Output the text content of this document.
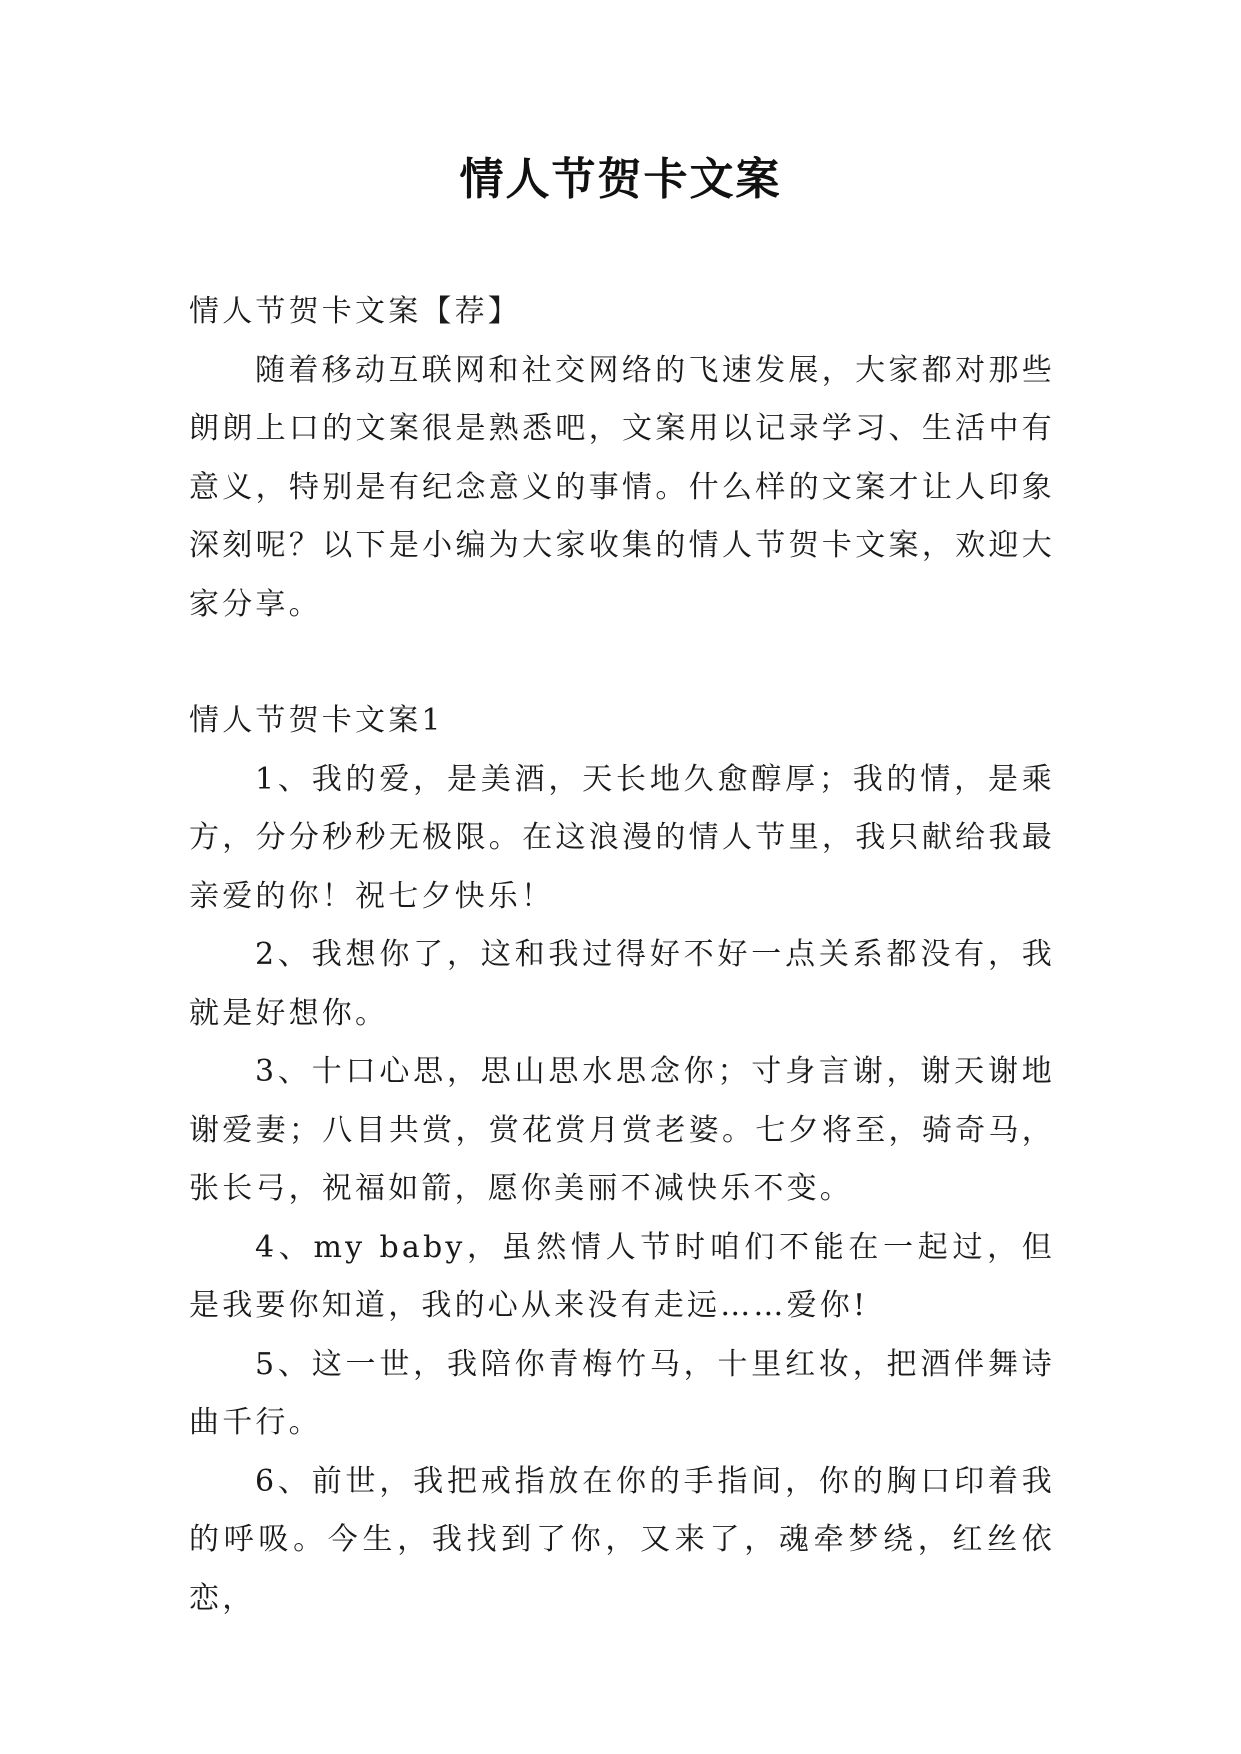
情人节贺卡文案

情人节贺卡文案【荐】

随着移动互联网和社交网络的飞速发展，大家都对那些朗朗上口的文案很是熟悉吧，文案用以记录学习、生活中有意义，特别是有纪念意义的事情。什么样的文案才让人印象深刻呢？以下是小编为大家收集的情人节贺卡文案，欢迎大家分享。

情人节贺卡文案1

1、我的爱，是美酒，天长地久愈醇厚；我的情，是乘方，分分秒秒无极限。在这浪漫的情人节里，我只献给我最亲爱的你！祝七夕快乐！

2、我想你了，这和我过得好不好一点关系都没有，我就是好想你。

3、十口心思，思山思水思念你；寸身言谢，谢天谢地谢爱妻；八目共赏，赏花赏月赏老婆。七夕将至，骑奇马，张长弓，祝福如箭，愿你美丽不减快乐不变。

4、my baby，虽然情人节时咱们不能在一起过，但是我要你知道，我的心从来没有走远……爱你!

5、这一世，我陪你青梅竹马，十里红妆，把酒伴舞诗曲千行。

6、前世，我把戒指放在你的手指间，你的胸口印着我的呼吸。今生，我找到了你，又来了，魂牵梦绕，红丝依恋，
